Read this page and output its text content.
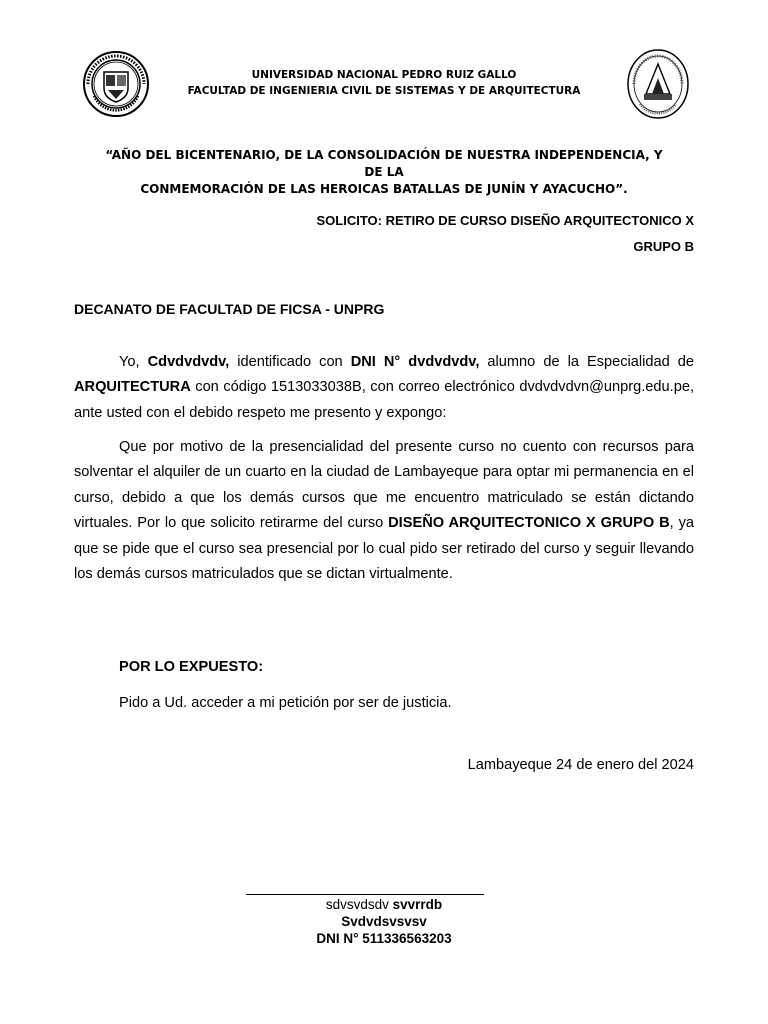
UNIVERSIDAD NACIONAL PEDRO RUIZ GALLO
FACULTAD DE INGENIERIA CIVIL DE SISTEMAS Y DE ARQUITECTURA
“AÑO DEL BICENTENARIO, DE LA CONSOLIDACIÓN DE NUESTRA INDEPENDENCIA, Y DE LA
CONMEMORACIÓN DE LAS HEROICAS BATALLAS DE JUNÍN Y AYACUCHO”.
SOLICITO: RETIRO DE CURSO DISEÑO ARQUITECTONICO X
GRUPO B
DECANATO DE FACULTAD DE FICSA - UNPRG
Yo, Cdvdvdvdv, identificado con DNI N° dvdvdvdv, alumno de la Especialidad de ARQUITECTURA con código 1513033038B, con correo electrónico dvdvdvdvn@unprg.edu.pe, ante usted con el debido respeto me presento y expongo:
Que por motivo de la presencialidad del presente curso no cuento con recursos para solventar el alquiler de un cuarto en la ciudad de Lambayeque para optar mi permanencia en el curso, debido a que los demás cursos que me encuentro matriculado se están dictando virtuales. Por lo que solicito retirarme del curso DISEÑO ARQUITECTONICO X GRUPO B, ya que se pide que el curso sea presencial por lo cual pido ser retirado del curso y seguir llevando los demás cursos matriculados que se dictan virtualmente.
POR LO EXPUESTO:
Pido a Ud. acceder a mi petición por ser de justicia.
Lambayeque 24 de enero del 2024
sdvsvdsdv svvrrdb
Svdvdsvsvsv
DNI N° 511336563203
